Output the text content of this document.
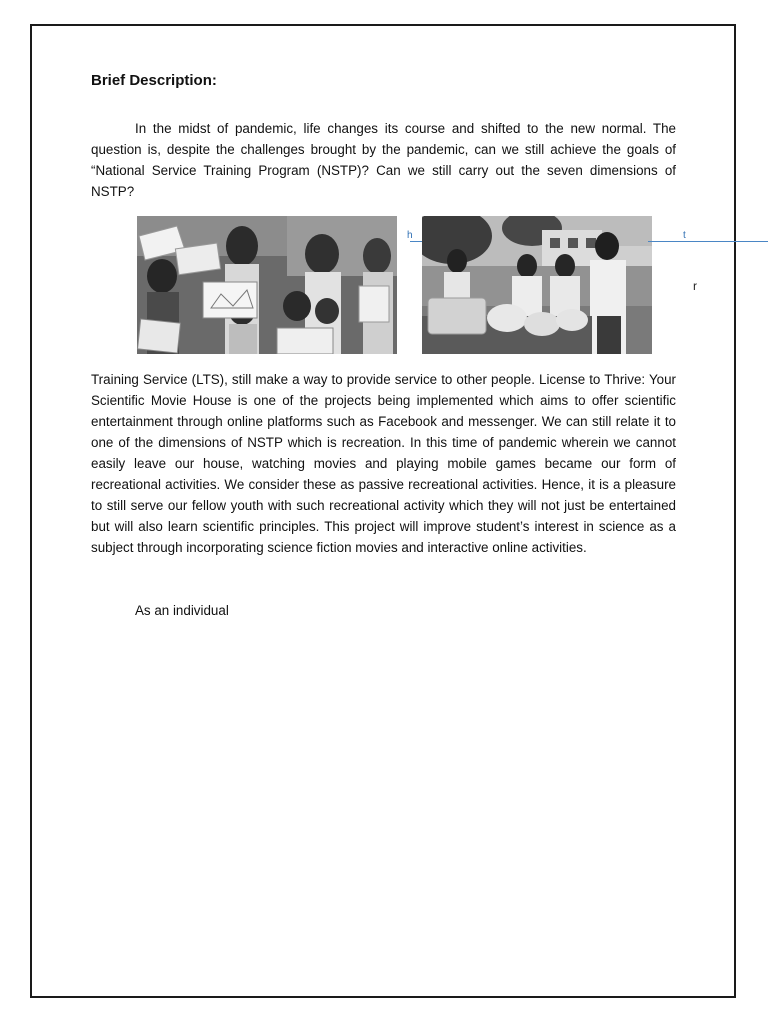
Brief Description:

In the midst of pandemic, life changes its course and shifted to the new normal. The question is, despite the challenges brought by the pandemic, can we still achieve the goals of “National Service Training Program (NSTP)? Can we still carry out the seven dimensions of NSTP?

h	t
r

Training Service (LTS), still make a way to provide service to other people. License to Thrive: Your Scientific Movie House is one of the projects being implemented which aims to offer scientific entertainment through online platforms such as Facebook and messenger. We can still relate it to one of the dimensions of NSTP which is recreation. In this time of pandemic wherein we cannot easily leave our house, watching movies and playing mobile games became our form of recreational activities. We consider these as passive recreational activities. Hence, it is a pleasure to still serve our fellow youth with such recreational activity which they will not just be entertained but will also learn scientific principles. This project will improve student’s interest in science as a subject through incorporating science fiction movies and interactive online activities.

As an individual
